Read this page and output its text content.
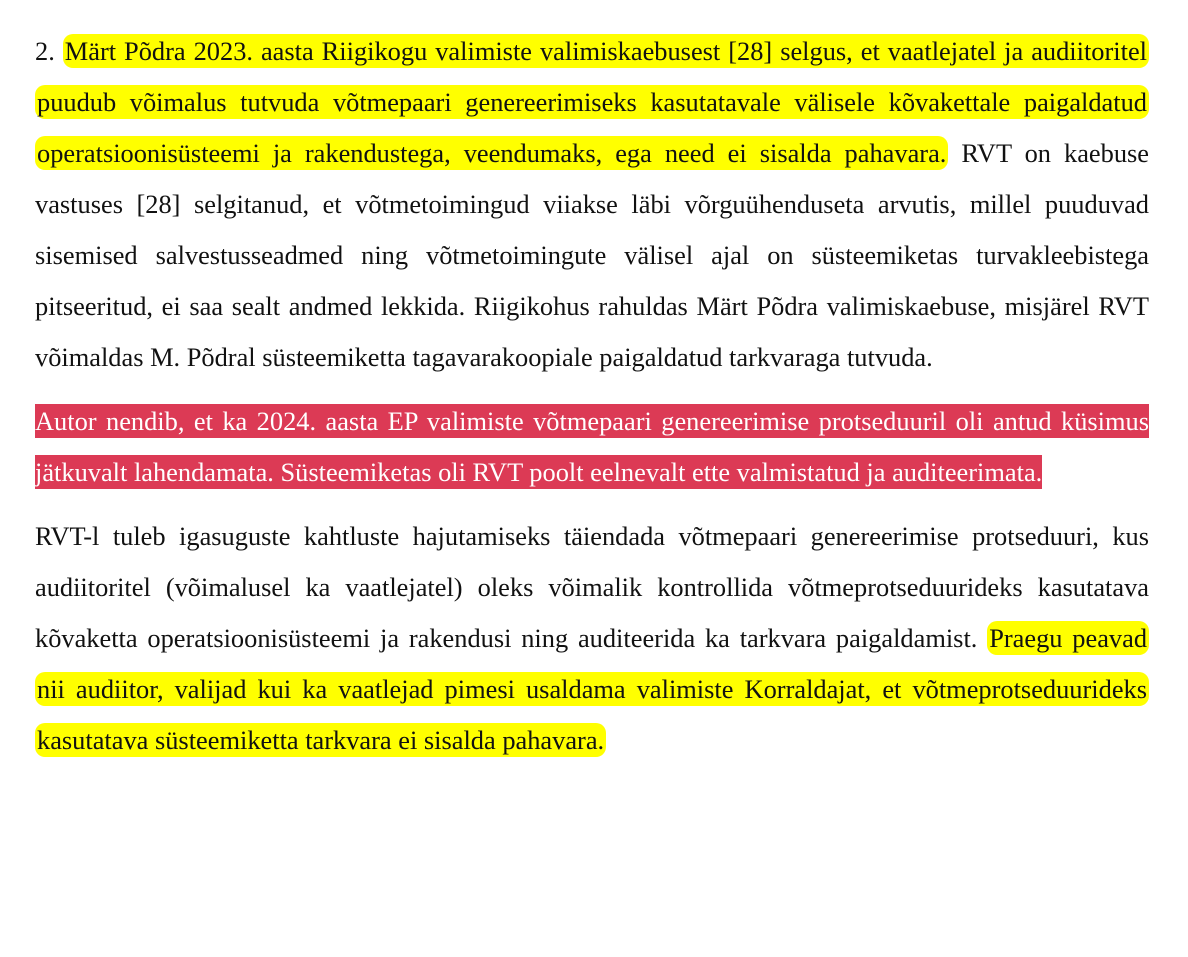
2. Märt Põdra 2023. aasta Riigikogu valimiste valimiskaebusest [28] selgus, et vaatlejatel ja audiitoritel puudub võimalus tutvuda võtmepaari genereerimiseks kasutatavale välisele kõvakettale paigaldatud operatsioonisüsteemi ja rakendustega, veendumaks, ega need ei sisalda pahavara. RVT on kaebuse vastuses [28] selgitanud, et võtmetoimingud viiakse läbi võrguühenduseta arvutis, millel puuduvad sisemised salvestusseadmed ning võtmetoimingute välisel ajal on süsteemiketas turvakleebistega pitseeritud, ei saa sealt andmed lekkida. Riigikohus rahuldas Märt Põdra valimiskaebuse, misjärel RVT võimaldas M. Põdral süsteemiketta tagavarakoopiale paigaldatud tarkvaraga tutvuda.

Autor nendib, et ka 2024. aasta EP valimiste võtmepaari genereerimise protseduuril oli antud küsimus jätkuvalt lahendamata. Süsteemiketas oli RVT poolt eelnevalt ette valmistatud ja auditeerimata.

RVT-l tuleb igasuguste kahtluste hajutamiseks täiendada võtmepaari genereerimise protseduuri, kus audiitoritel (võimalusel ka vaatlejatel) oleks võimalik kontrollida võtmeprotseduurideks kasutatava kõvaketta operatsioonisüsteemi ja rakendusi ning auditeerida ka tarkvara paigaldamist. Praegu peavad nii audiitor, valijad kui ka vaatlejad pimesi usaldama valimiste Korraldajat, et võtmeprotseduurideks kasutatava süsteemiketta tarkvara ei sisalda pahavara.
